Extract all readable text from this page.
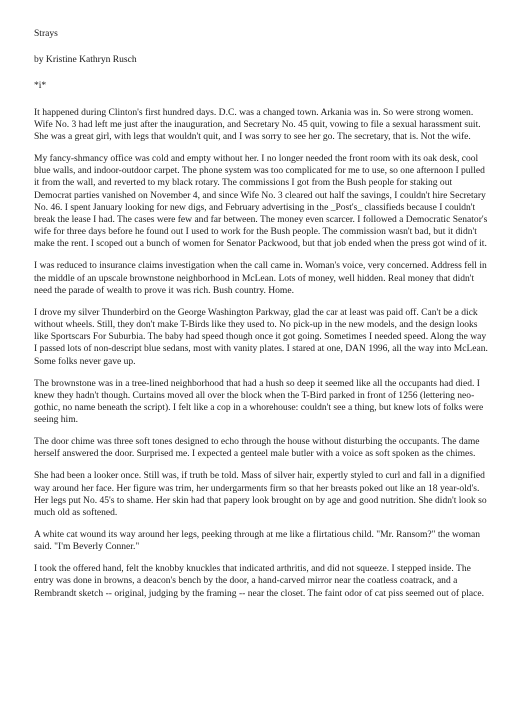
Strays

by Kristine Kathryn Rusch

*i*

It happened during Clinton's first hundred days. D.C. was a changed town. Arkania was in. So were strong women. Wife No. 3 had left me just after the inauguration, and Secretary No. 45 quit, vowing to file a sexual harassment suit. She was a great girl, with legs that wouldn't quit, and I was sorry to see her go. The secretary, that is. Not the wife.

My fancy-shmancy office was cold and empty without her. I no longer needed the front room with its oak desk, cool blue walls, and indoor-outdoor carpet. The phone system was too complicated for me to use, so one afternoon I pulled it from the wall, and reverted to my black rotary. The commissions I got from the Bush people for staking out Democrat parties vanished on November 4, and since Wife No. 3 cleared out half the savings, I couldn't hire Secretary No. 46. I spent January looking for new digs, and February advertising in the _Post's_ classifieds because I couldn't break the lease I had. The cases were few and far between. The money even scarcer. I followed a Democratic Senator's wife for three days before he found out I used to work for the Bush people. The commission wasn't bad, but it didn't make the rent. I scoped out a bunch of women for Senator Packwood, but that job ended when the press got wind of it.

I was reduced to insurance claims investigation when the call came in. Woman's voice, very concerned. Address fell in the middle of an upscale brownstone neighborhood in McLean. Lots of money, well hidden. Real money that didn't need the parade of wealth to prove it was rich. Bush country. Home.

I drove my silver Thunderbird on the George Washington Parkway, glad the car at least was paid off. Can't be a dick without wheels. Still, they don't make T-Birds like they used to. No pick-up in the new models, and the design looks like Sportscars For Suburbia. The baby had speed though once it got going. Sometimes I needed speed. Along the way I passed lots of non-descript blue sedans, most with vanity plates. I stared at one, DAN 1996, all the way into McLean. Some folks never gave up.

The brownstone was in a tree-lined neighborhood that had a hush so deep it seemed like all the occupants had died. I knew they hadn't though. Curtains moved all over the block when the T-Bird parked in front of 1256 (lettering neo-gothic, no name beneath the script). I felt like a cop in a whorehouse: couldn't see a thing, but knew lots of folks were seeing him.

The door chime was three soft tones designed to echo through the house without disturbing the occupants. The dame herself answered the door. Surprised me. I expected a genteel male butler with a voice as soft spoken as the chimes.

She had been a looker once. Still was, if truth be told. Mass of silver hair, expertly styled to curl and fall in a dignified way around her face. Her figure was trim, her undergarments firm so that her breasts poked out like an 18 year-old's. Her legs put No. 45's to shame. Her skin had that papery look brought on by age and good nutrition. She didn't look so much old as softened.

A white cat wound its way around her legs, peeking through at me like a flirtatious child. "Mr. Ransom?" the woman said. "I'm Beverly Conner."

I took the offered hand, felt the knobby knuckles that indicated arthritis, and did not squeeze. I stepped inside. The entry was done in browns, a deacon's bench by the door, a hand-carved mirror near the coatless coatrack, and a Rembrandt sketch -- original, judging by the framing -- near the closet. The faint odor of cat piss seemed out of place.
